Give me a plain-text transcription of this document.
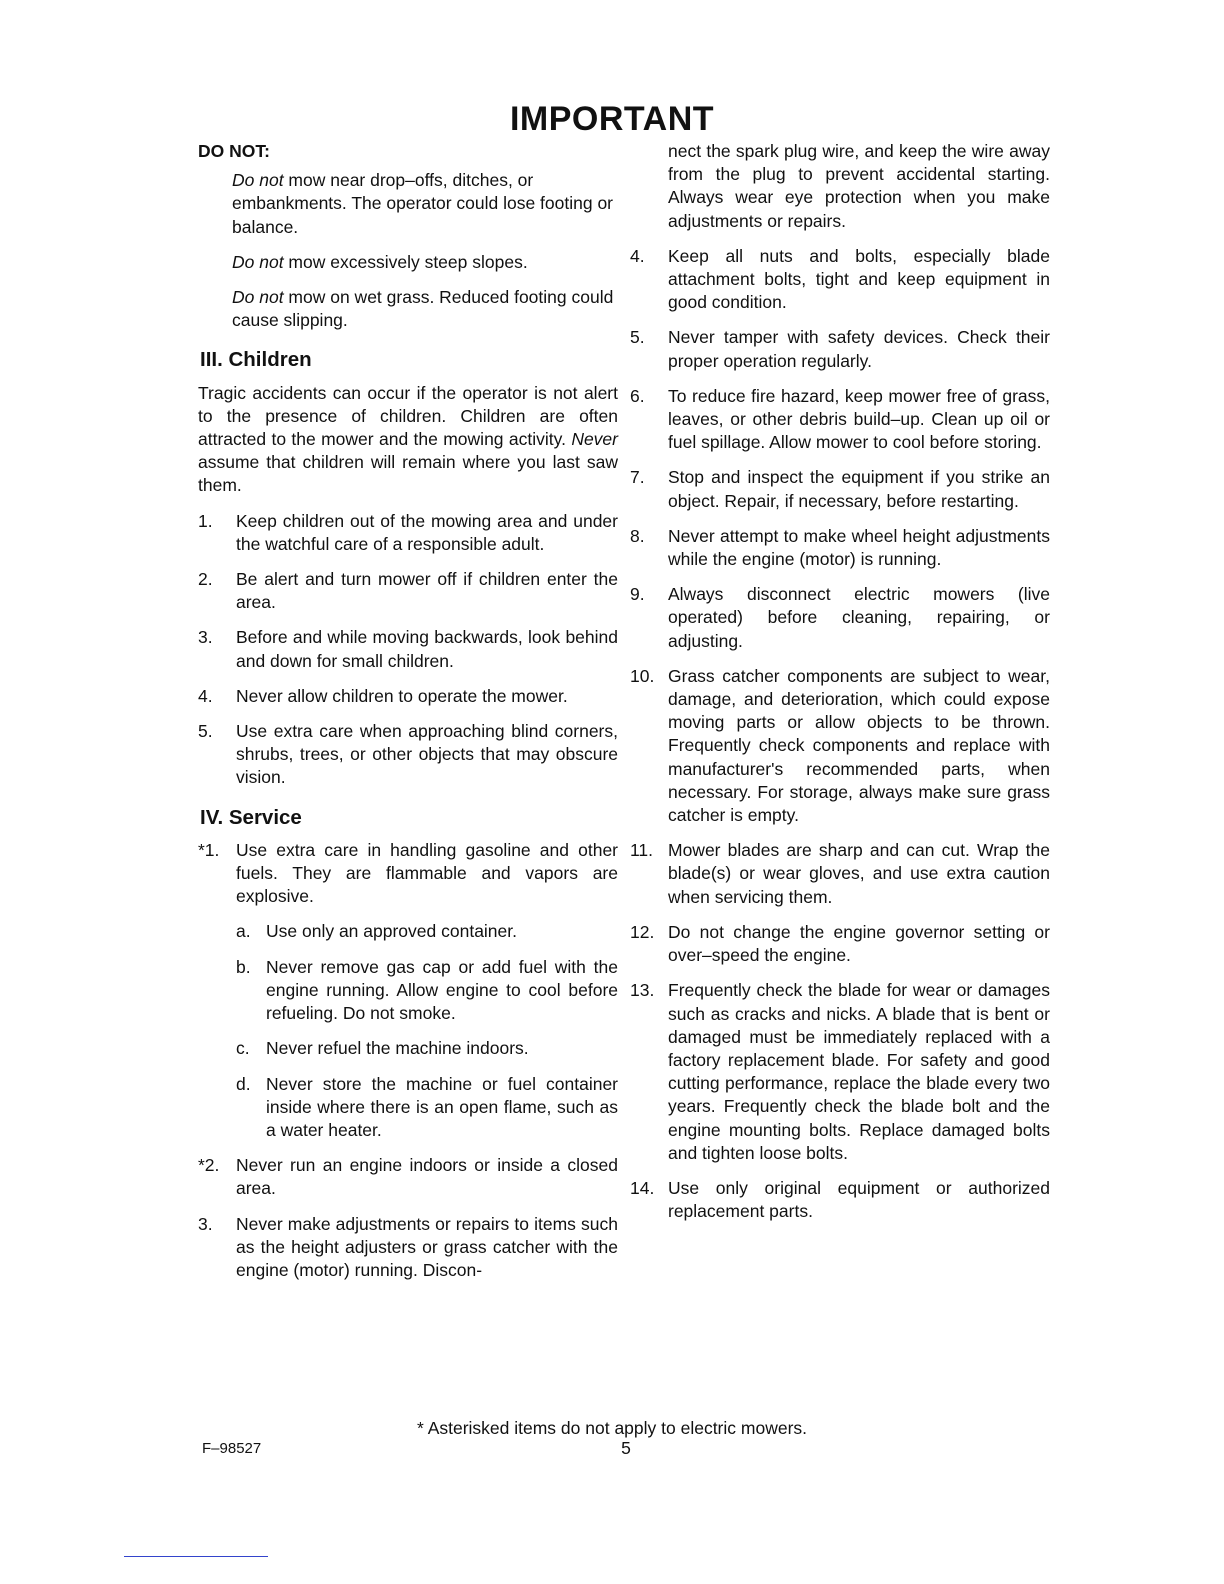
IMPORTANT
DO NOT:

Do not mow near drop–offs, ditches, or embankments. The operator could lose footing or balance.

Do not mow excessively steep slopes.

Do not mow on wet grass. Reduced footing could cause slipping.

III. Children

Tragic accidents can occur if the operator is not alert to the presence of children. Children are often attracted to the mower and the mowing activity. Never assume that children will remain where you last saw them.

1.	Keep children out of the mowing area and under the watchful care of a responsible adult.
2.	Be alert and turn mower off if children enter the area.
3.	Before and while moving backwards, look behind and down for small children.
4.	Never allow children to operate the mower.
5.	Use extra care when approaching blind corners, shrubs, trees, or other objects that may obscure vision.
IV. Service
*1. Use extra care in handling gasoline and other fuels. They are flammable and vapors are explosive.
a. Use only an approved container.
b. Never remove gas cap or add fuel with the engine running. Allow engine to cool before refueling. Do not smoke.
c. Never refuel the machine indoors.
d. Never store the machine or fuel container inside where there is an open flame, such as a water heater.
*2. Never run an engine indoors or inside a closed area.
3.	Never make adjustments or repairs to items such as the height adjusters or grass catcher with the engine (motor) running. Discon-

nect the spark plug wire, and keep the wire away from the plug to prevent accidental starting. Always wear eye protection when you make adjustments or repairs.

4.	Keep all nuts and bolts, especially blade attachment bolts, tight and keep equipment in good condition.
5.	Never tamper with safety devices. Check their proper operation regularly.
6.	To reduce fire hazard, keep mower free of grass, leaves, or other debris build–up. Clean up oil or fuel spillage. Allow mower to cool before storing.
7.	Stop and inspect the equipment if you strike an object. Repair, if necessary, before restarting.
8.	Never attempt to make wheel height adjustments while the engine (motor) is running.
9.	Always disconnect electric mowers (live operated) before cleaning, repairing, or adjusting.
10. Grass catcher components are subject to wear, damage, and deterioration, which could expose moving parts or allow objects to be thrown. Frequently check components and replace with manufacturer's recommended parts, when necessary. For storage, always make sure grass catcher is empty.
11. Mower blades are sharp and can cut. Wrap the blade(s) or wear gloves, and use extra caution when servicing them.
12. Do not change the engine governor setting or over–speed the engine.
13. Frequently check the blade for wear or damages such as cracks and nicks. A blade that is bent or damaged must be immediately replaced with a factory replacement blade. For safety and good cutting performance, replace the blade every two years. Frequently check the blade bolt and the engine mounting bolts. Replace damaged bolts and tighten loose bolts.
14. Use only original equipment or authorized replacement parts.
* Asterisked items do not apply to electric mowers.
F–98527	5
